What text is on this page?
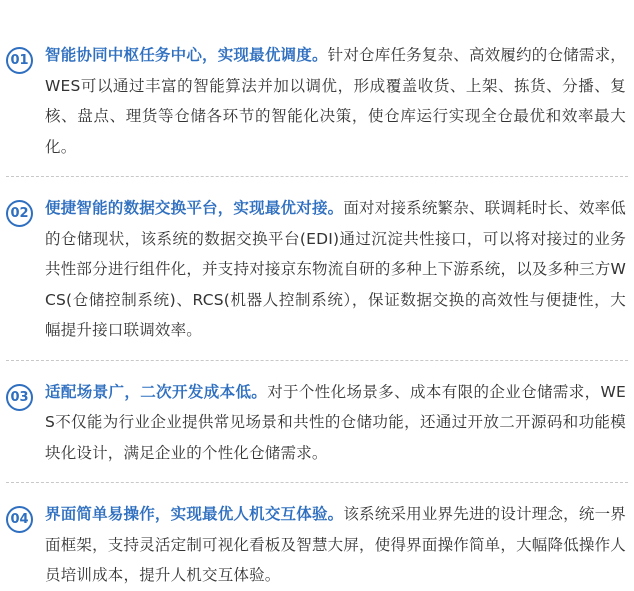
01 智能协同中枢任务中心，实现最优调度。针对仓库任务复杂、高效履约的仓储需求，WES可以通过丰富的智能算法并加以调优，形成覆盖收货、上架、拣货、分播、复核、盘点、理货等仓储各环节的智能化决策，使仓库运行实现全仓最优和效率最大化。
02 便捷智能的数据交换平台，实现最优对接。面对对接系统繁杂、联调耗时长、效率低的仓储现状，该系统的数据交换平台(EDI)通过沉淀共性接口，可以将对接过的业务共性部分进行组件化，并支持对接京东物流自研的多种上下游系统，以及多种三方WCS(仓储控制系统)、RCS(机器人控制系统），保证数据交换的高效性与便捷性，大幅提升接口联调效率。
03 适配场景广，二次开发成本低。对于个性化场景多、成本有限的企业仓储需求，WES不仅能为行业企业提供常见场景和共性的仓储功能，还通过开放二开源码和功能模块化设计，满足企业的个性化仓储需求。
04 界面简单易操作，实现最优人机交互体验。该系统采用业界先进的设计理念，统一界面框架，支持灵活定制可视化看板及智慧大屏，使得界面操作简单，大幅降低操作人员培训成本，提升人机交互体验。
